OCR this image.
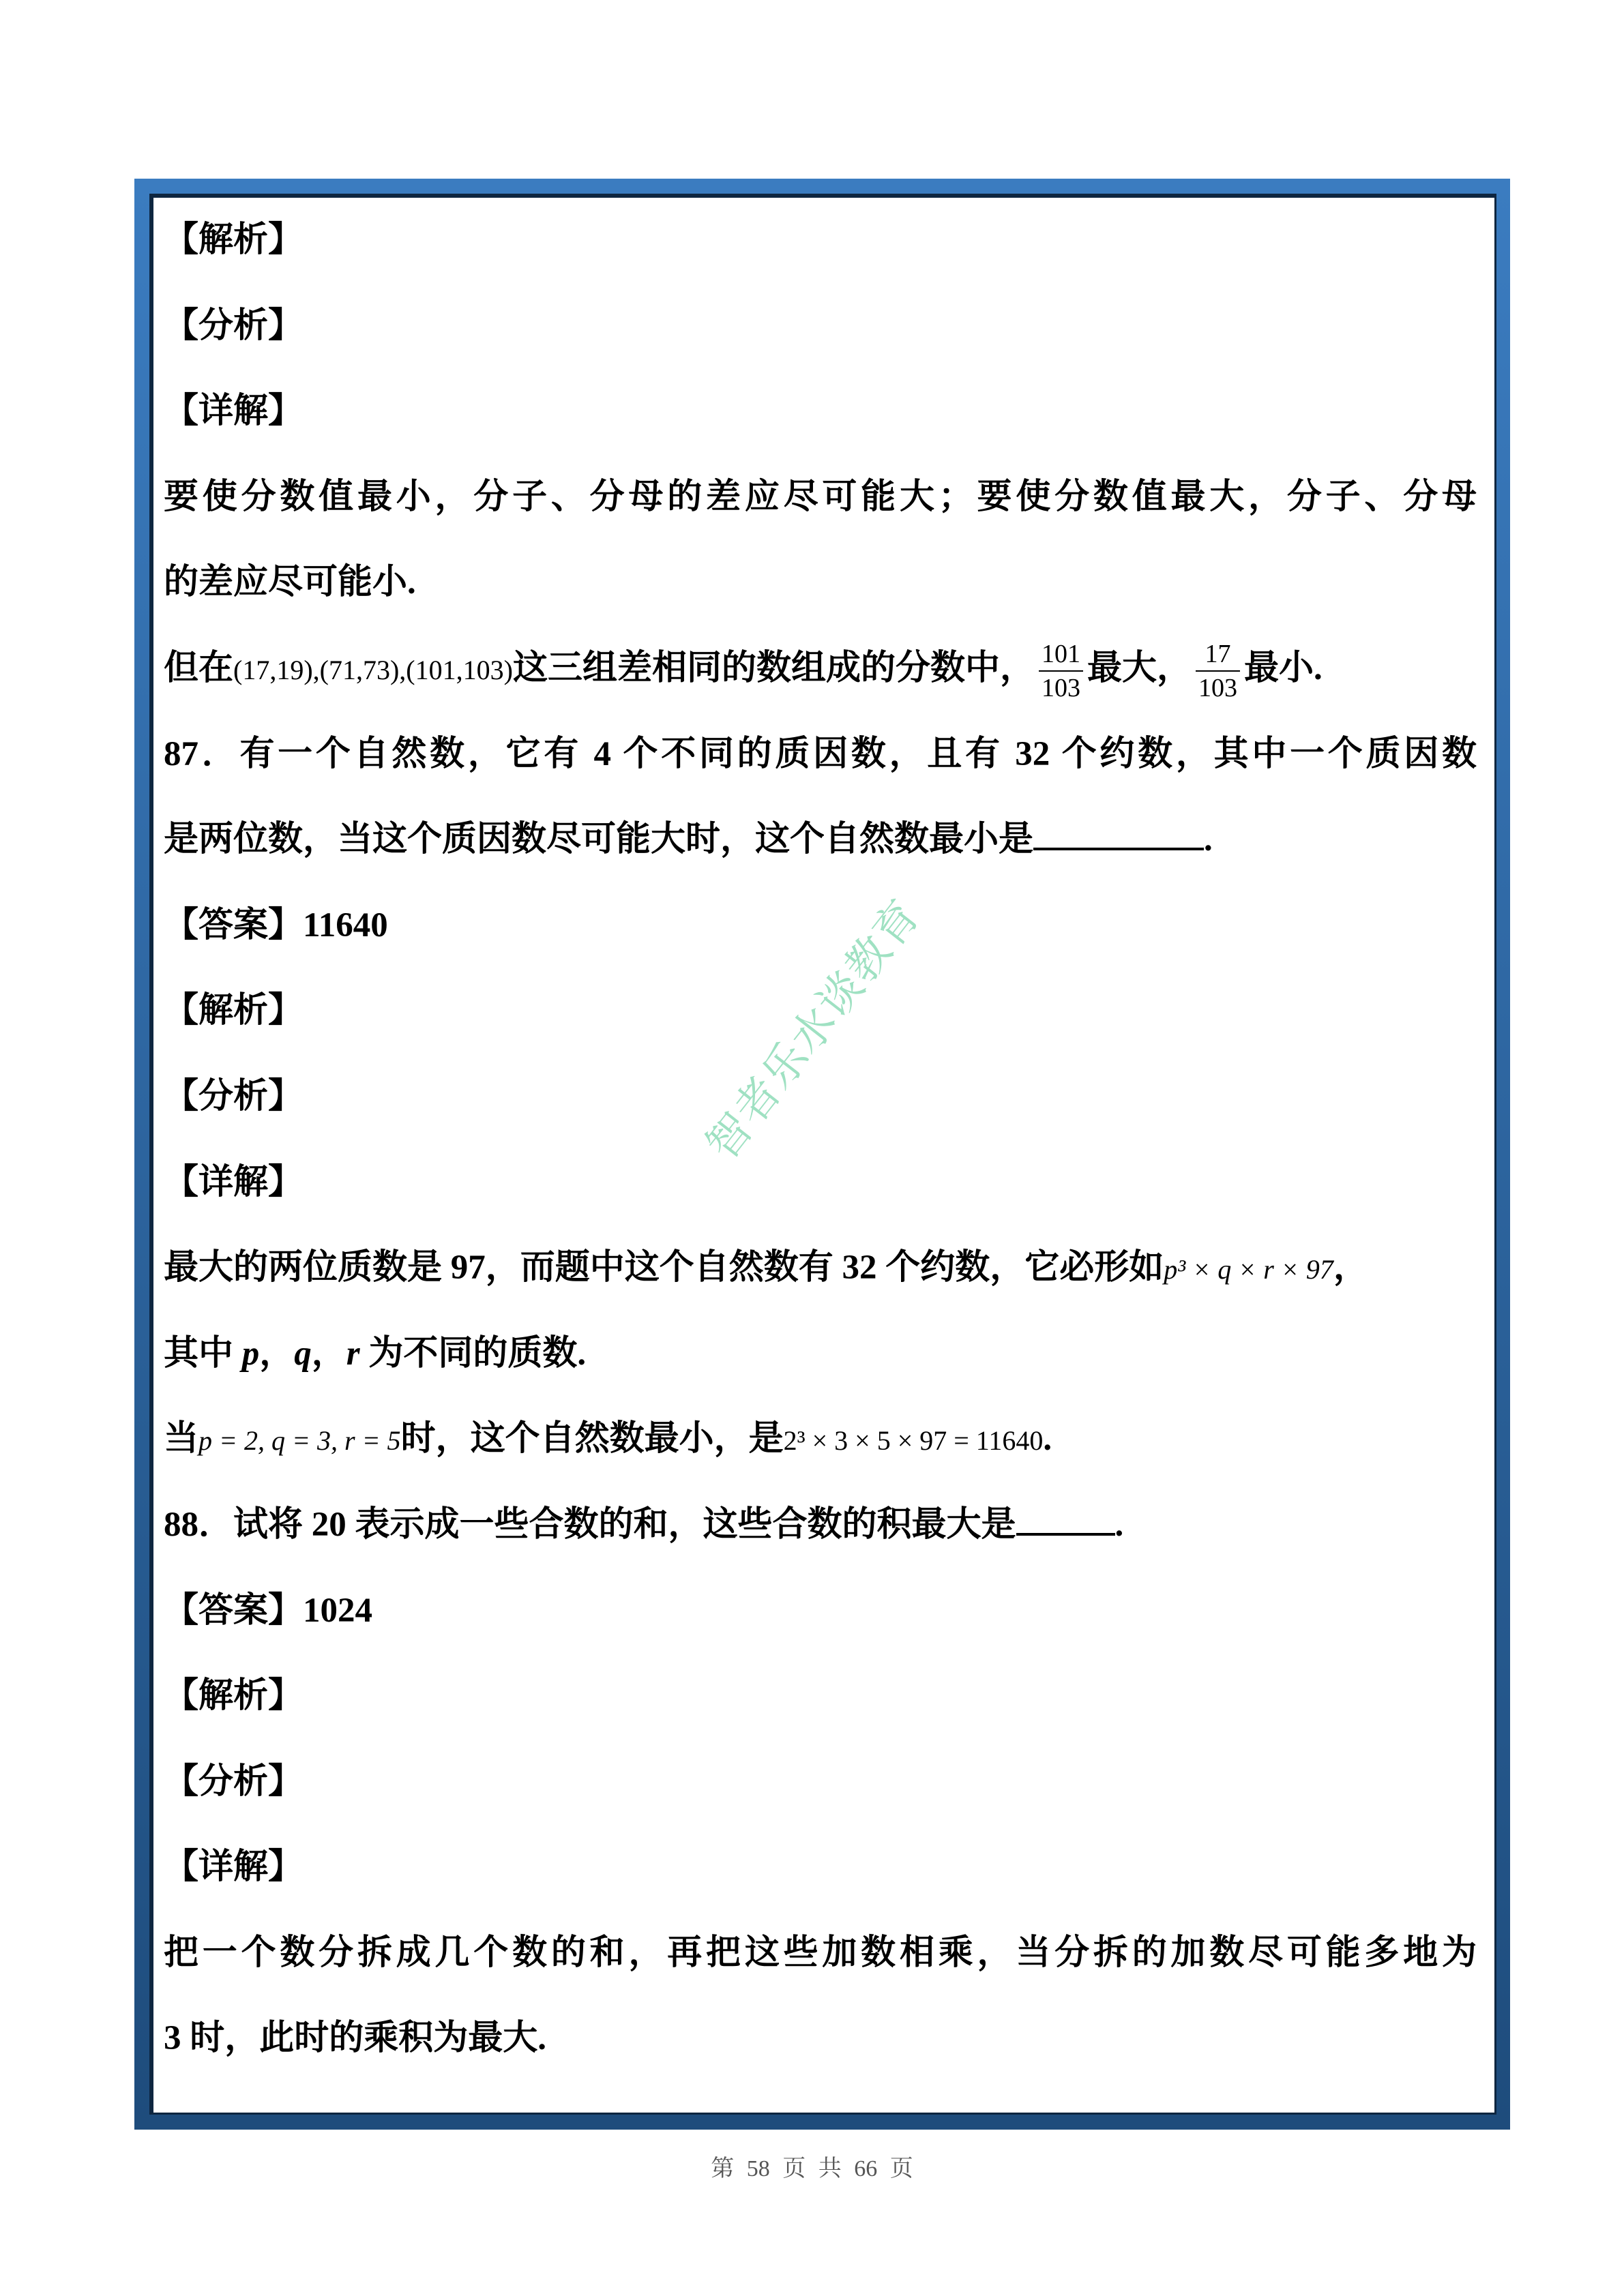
【解析】
【分析】
【详解】
要使分数值最小，分子、分母的差应尽可能大；要使分数值最大，分子、分母
的差应尽可能小.
但在(17,19),(71,73),(101,103)这三组差相同的数组成的分数中， $\frac{101}{103}$ 最大， $\frac{17}{103}$ 最小.
87．有一个自然数，它有 4 个不同的质因数，且有 32 个约数，其中一个质因数
是两位数，当这个质因数尽可能大时，这个自然数最小是	.
【答案】11640
【解析】
【分析】
【详解】
最大的两位质数是 97，而题中这个自然数有 32 个约数，它必形如p³ × q × r × 97，
其中 p，q，r 为不同的质数.
当p = 2, q = 3, r = 5时，这个自然数最小，是2³ × 3 × 5 × 97 = 11640.
88．试将 20 表示成一些合数的和，这些合数的积最大是	.
【答案】1024
【解析】
【分析】
【详解】
把一个数分拆成几个数的和，再把这些加数相乘，当分拆的加数尽可能多地为
3 时，此时的乘积为最大.
智者乐水谈教育
第 58 页 共 66 页
